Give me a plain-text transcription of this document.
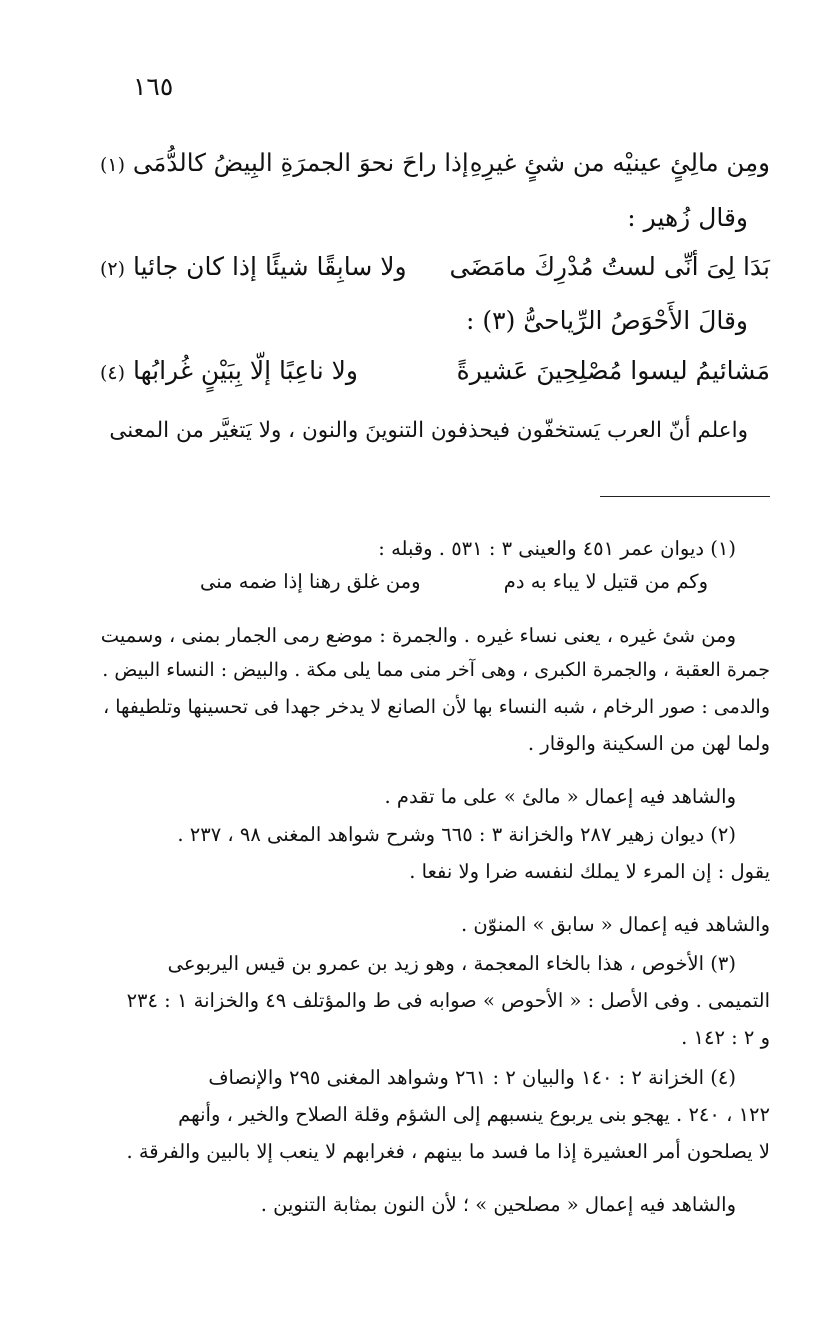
١٦٥
ومِن مالِئٍ عينيْه من شئٍ غيرِهِ
إذا راحَ نحوَ الجمرَةِ البِيضُ كالدُّمَى (١)
وقال زُهير :
بَدَا لِىَ أنِّى لستُ مُدْرِكَ مامَضَى
ولا سابِقًا شيئًا إذا كان جائيا (٢)
وقالَ الأَحْوَصُ الرِّياحىُّ (٣) :
مَشائيمُ ليسوا مُصْلِحِينَ عَشيرةً
ولا ناعِبًا إلّا بِبَيْنٍ غُرابُها (٤)
واعلم أنّ العرب يَستخفّون فيحذفون التنوينَ والنون ، ولا يَتغيَّر من المعنى
(١) ديوان عمر ٤٥١ والعينى ٣ : ٥٣١ . وقبله :
وكم من قتيل لا يباء به دم
ومن غلق رهنا إذا ضمه منى
ومن شئ غيره ، يعنى نساء غيره . والجمرة : موضع رمى الجمار بمنى ، وسميت
جمرة العقبة ، والجمرة الكبرى ، وهى آخر منى مما يلى مكة . والبيض : النساء البيض .
والدمى : صور الرخام ، شبه النساء بها لأن الصانع لا يدخر جهدا فى تحسينها وتلطيفها ،
ولما لهن من السكينة والوقار .
والشاهد فيه إعمال « مالئ » على ما تقدم .
(٢) ديوان زهير ٢٨٧ والخزانة ٣ : ٦٦٥ وشرح شواهد المغنى ٩٨ ، ٢٣٧ .
يقول : إن المرء لا يملك لنفسه ضرا ولا نفعا .
والشاهد فيه إعمال « سابق » المنوّن .
(٣) الأخوص ، هذا بالخاء المعجمة ، وهو زيد بن عمرو بن قيس اليربوعى
التميمى . وفى الأصل : « الأحوص » صوابه فى ط والمؤتلف ٤٩ والخزانة ١ : ٢٣٤
و ٢ : ١٤٢ .
(٤) الخزانة ٢ : ١٤٠ والبيان ٢ : ٢٦١ وشواهد المغنى ٢٩٥ والإنصاف
١٢٢ ، ٢٤٠ . يهجو بنى يربوع ينسبهم إلى الشؤم وقلة الصلاح والخير ، وأنهم
لا يصلحون أمر العشيرة إذا ما فسد ما بينهم ، فغرابهم لا ينعب إلا بالبين والفرقة .
والشاهد فيه إعمال « مصلحين » ؛ لأن النون بمثابة التنوين .
